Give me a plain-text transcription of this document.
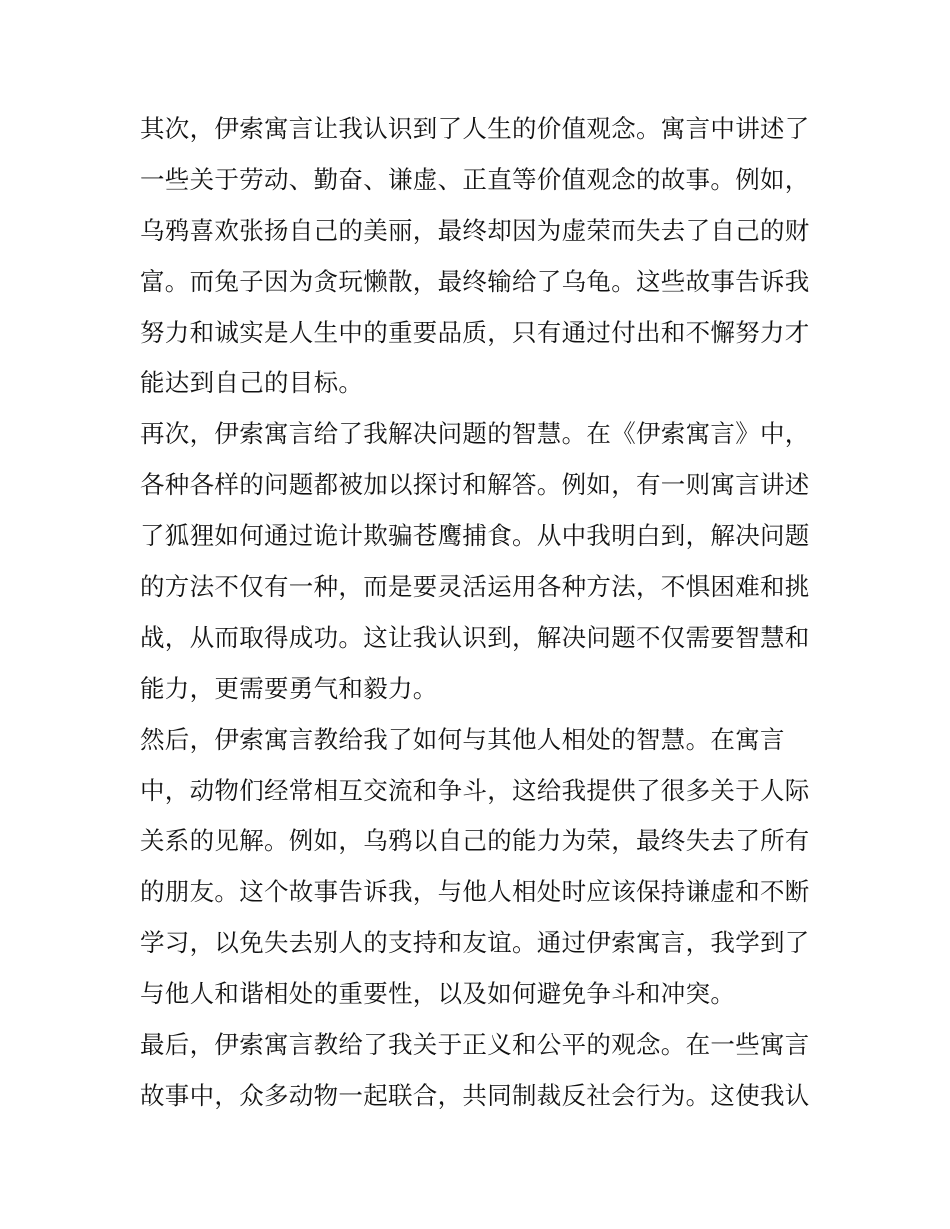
其次，伊索寓言让我认识到了人生的价值观念。寓言中讲述了
一些关于劳动、勤奋、谦虚、正直等价值观念的故事。例如，
乌鸦喜欢张扬自己的美丽，最终却因为虚荣而失去了自己的财
富。而兔子因为贪玩懒散，最终输给了乌龟。这些故事告诉我
努力和诚实是人生中的重要品质，只有通过付出和不懈努力才
能达到自己的目标。
再次，伊索寓言给了我解决问题的智慧。在《伊索寓言》中，
各种各样的问题都被加以探讨和解答。例如，有一则寓言讲述
了狐狸如何通过诡计欺骗苍鹰捕食。从中我明白到，解决问题
的方法不仅有一种，而是要灵活运用各种方法，不惧困难和挑
战，从而取得成功。这让我认识到，解决问题不仅需要智慧和
能力，更需要勇气和毅力。
然后，伊索寓言教给我了如何与其他人相处的智慧。在寓言
中，动物们经常相互交流和争斗，这给我提供了很多关于人际
关系的见解。例如，乌鸦以自己的能力为荣，最终失去了所有
的朋友。这个故事告诉我，与他人相处时应该保持谦虚和不断
学习，以免失去别人的支持和友谊。通过伊索寓言，我学到了
与他人和谐相处的重要性，以及如何避免争斗和冲突。
最后，伊索寓言教给了我关于正义和公平的观念。在一些寓言
故事中，众多动物一起联合，共同制裁反社会行为。这使我认
